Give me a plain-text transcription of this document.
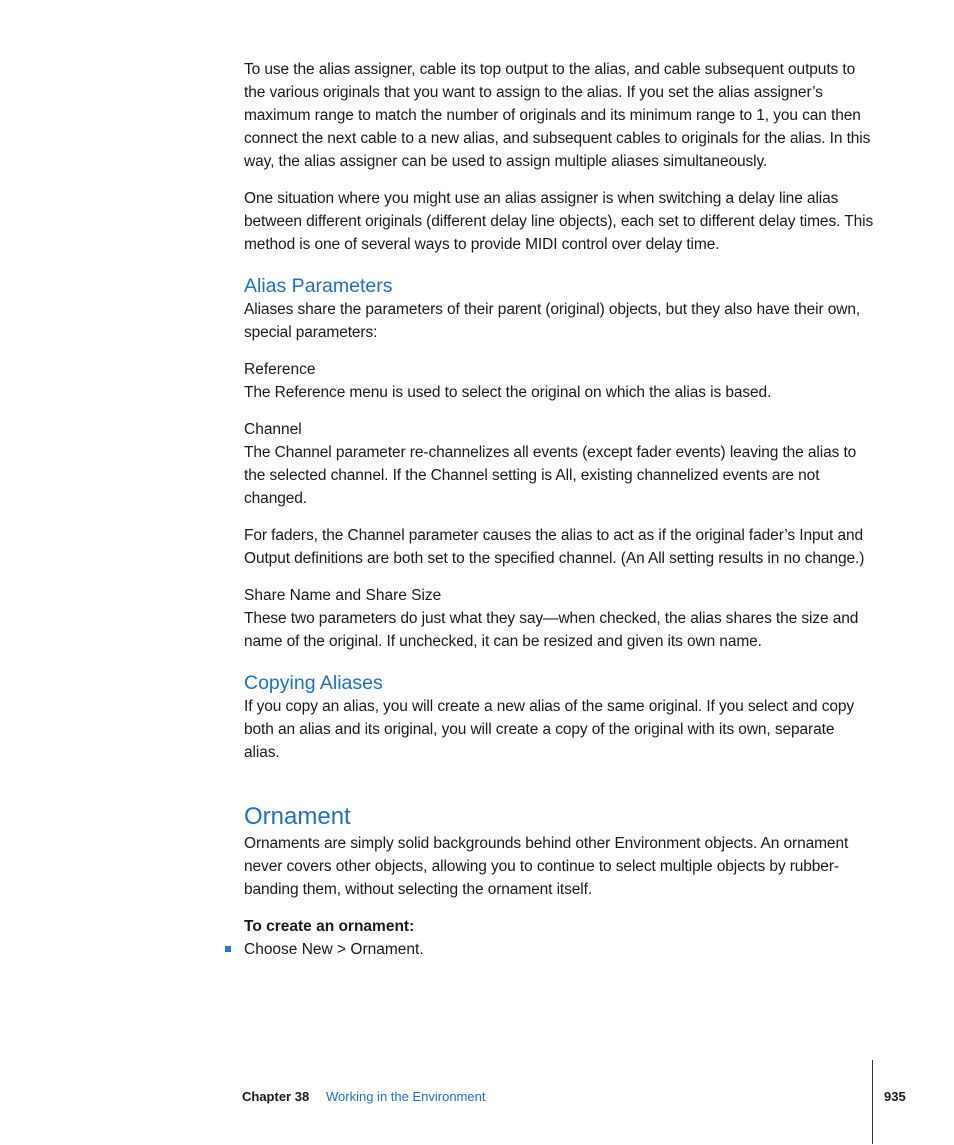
To use the alias assigner, cable its top output to the alias, and cable subsequent outputs to the various originals that you want to assign to the alias. If you set the alias assigner’s maximum range to match the number of originals and its minimum range to 1, you can then connect the next cable to a new alias, and subsequent cables to originals for the alias. In this way, the alias assigner can be used to assign multiple aliases simultaneously.

One situation where you might use an alias assigner is when switching a delay line alias between different originals (different delay line objects), each set to different delay times. This method is one of several ways to provide MIDI control over delay time.

Alias Parameters

Aliases share the parameters of their parent (original) objects, but they also have their own, special parameters:

Reference

The Reference menu is used to select the original on which the alias is based.

Channel

The Channel parameter re-channelizes all events (except fader events) leaving the alias to the selected channel. If the Channel setting is All, existing channelized events are not changed.

For faders, the Channel parameter causes the alias to act as if the original fader’s Input and Output definitions are both set to the specified channel. (An All setting results in no change.)

Share Name and Share Size

These two parameters do just what they say—when checked, the alias shares the size and name of the original. If unchecked, it can be resized and given its own name.

Copying Aliases

If you copy an alias, you will create a new alias of the same original. If you select and copy both an alias and its original, you will create a copy of the original with its own, separate alias.

Ornament

Ornaments are simply solid backgrounds behind other Environment objects. An ornament never covers other objects, allowing you to continue to select multiple objects by rubber-banding them, without selecting the ornament itself.

To create an ornament:
Choose New > Ornament.
Chapter 38 Working in the Environment	935
